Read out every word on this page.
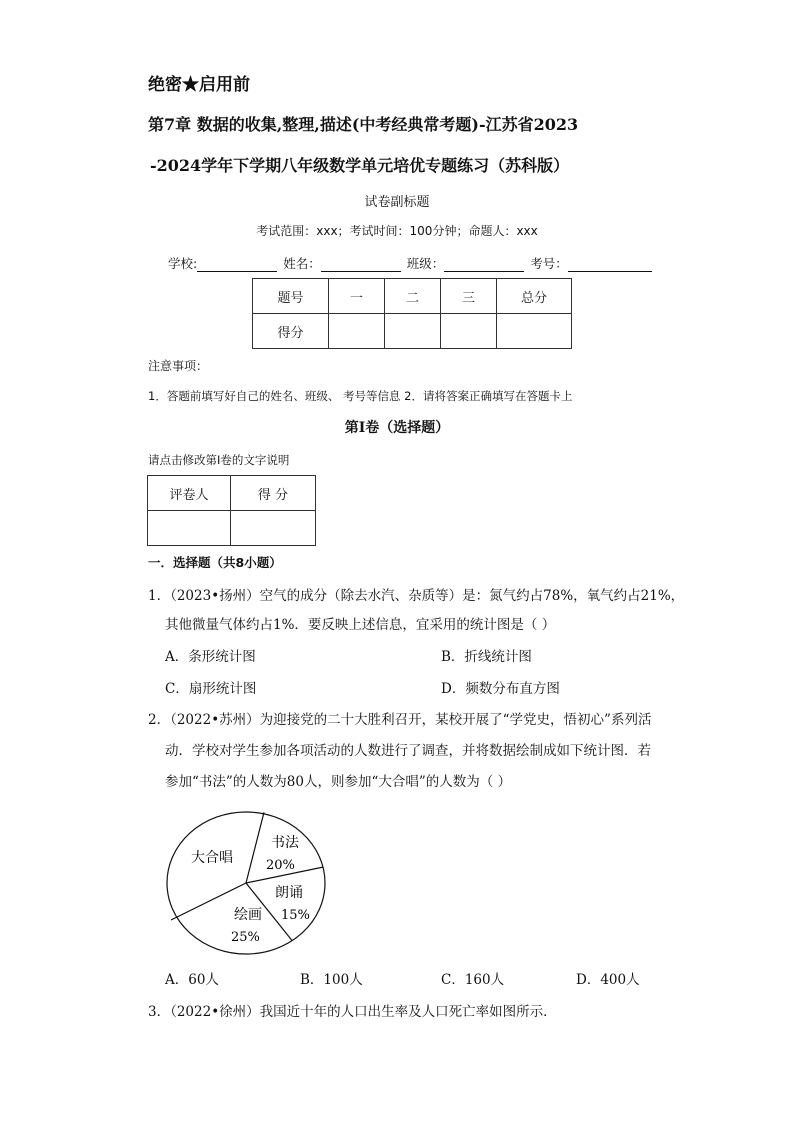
绝密★启用前
第7章 数据的收集,整理,描述(中考经典常考题)-江苏省2023
-2024学年下学期八年级数学单元培优专题练习（苏科版）
试卷副标题
考试范围：xxx；考试时间：100分钟；命题人：xxx
学校:	姓名：	班级：	考号：
题号	一	二	三	总分
得分				
注意事项：
1．答题前填写好自己的姓名、班级、 考号等信息 2．请将答案正确填写在答题卡上
第Ⅰ卷（选择题）
请点击修改第Ⅰ卷的文字说明
评卷人	得 分

一．选择题（共8小题）
1．（2023•扬州）空气的成分（除去水汽、杂质等）是：氮气约占78%，氧气约占21%，
其他微量气体约占1%．要反映上述信息，宜采用的统计图是（ ）
A．条形统计图	B．折线统计图
C．扇形统计图	D．频数分布直方图
2．（2022•苏州）为迎接党的二十大胜利召开，某校开展了“学党史，悟初心”系列活
动．学校对学生参加各项活动的人数进行了调查，并将数据绘制成如下统计图．若
参加“书法”的人数为80人，则参加“大合唱”的人数为（ ）
大合唱
书法
20%
朗诵
15%
绘画
25%
A．60人	B．100人	C．160人	D．400人
3．（2022•徐州）我国近十年的人口出生率及人口死亡率如图所示．
